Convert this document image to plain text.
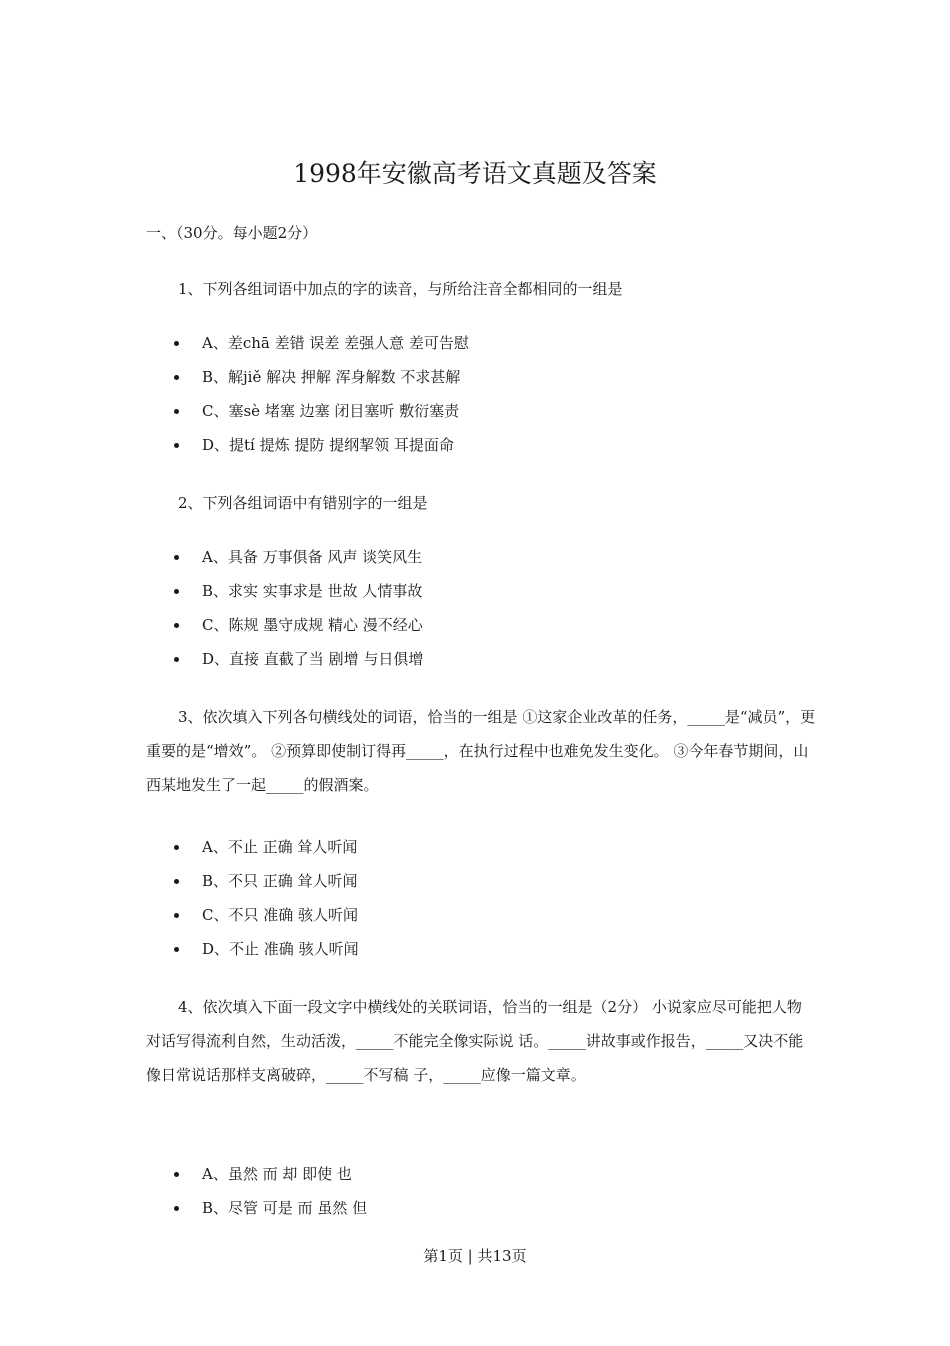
1998年安徽高考语文真题及答案

一、（30分。每小题2分）

1、下列各组词语中加点的字的读音，与所给注音全都相同的一组是

A、差chā 差错 误差 差强人意 差可告慰
B、解jiě 解决 押解 浑身解数 不求甚解
C、塞sè 堵塞 边塞 闭目塞听 敷衍塞责
D、提tí 提炼 提防 提纲挈领 耳提面命

2、下列各组词语中有错别字的一组是

A、具备 万事俱备 风声 谈笑风生
B、求实 实事求是 世故 人情事故
C、陈规 墨守成规 精心 漫不经心
D、直接 直截了当 剧增 与日俱增

3、依次填入下列各句横线处的词语，恰当的一组是 ①这家企业改革的任务，_____是“减员”，更重要的是“增效”。 ②预算即使制订得再_____，在执行过程中也难免发生变化。 ③今年春节期间，山西某地发生了一起_____的假酒案。

A、不止 正确 耸人听闻
B、不只 正确 耸人听闻
C、不只 准确 骇人听闻
D、不止 准确 骇人听闻

4、依次填入下面一段文字中横线处的关联词语，恰当的一组是（2分） 小说家应尽可能把人物对话写得流利自然，生动活泼，_____不能完全像实际说 话。_____讲故事或作报告，_____又决不能像日常说话那样支离破碎，_____不写稿 子，_____应像一篇文章。

A、虽然 而 却 即使 也
B、尽管 可是 而 虽然 但
第1页 | 共13页
